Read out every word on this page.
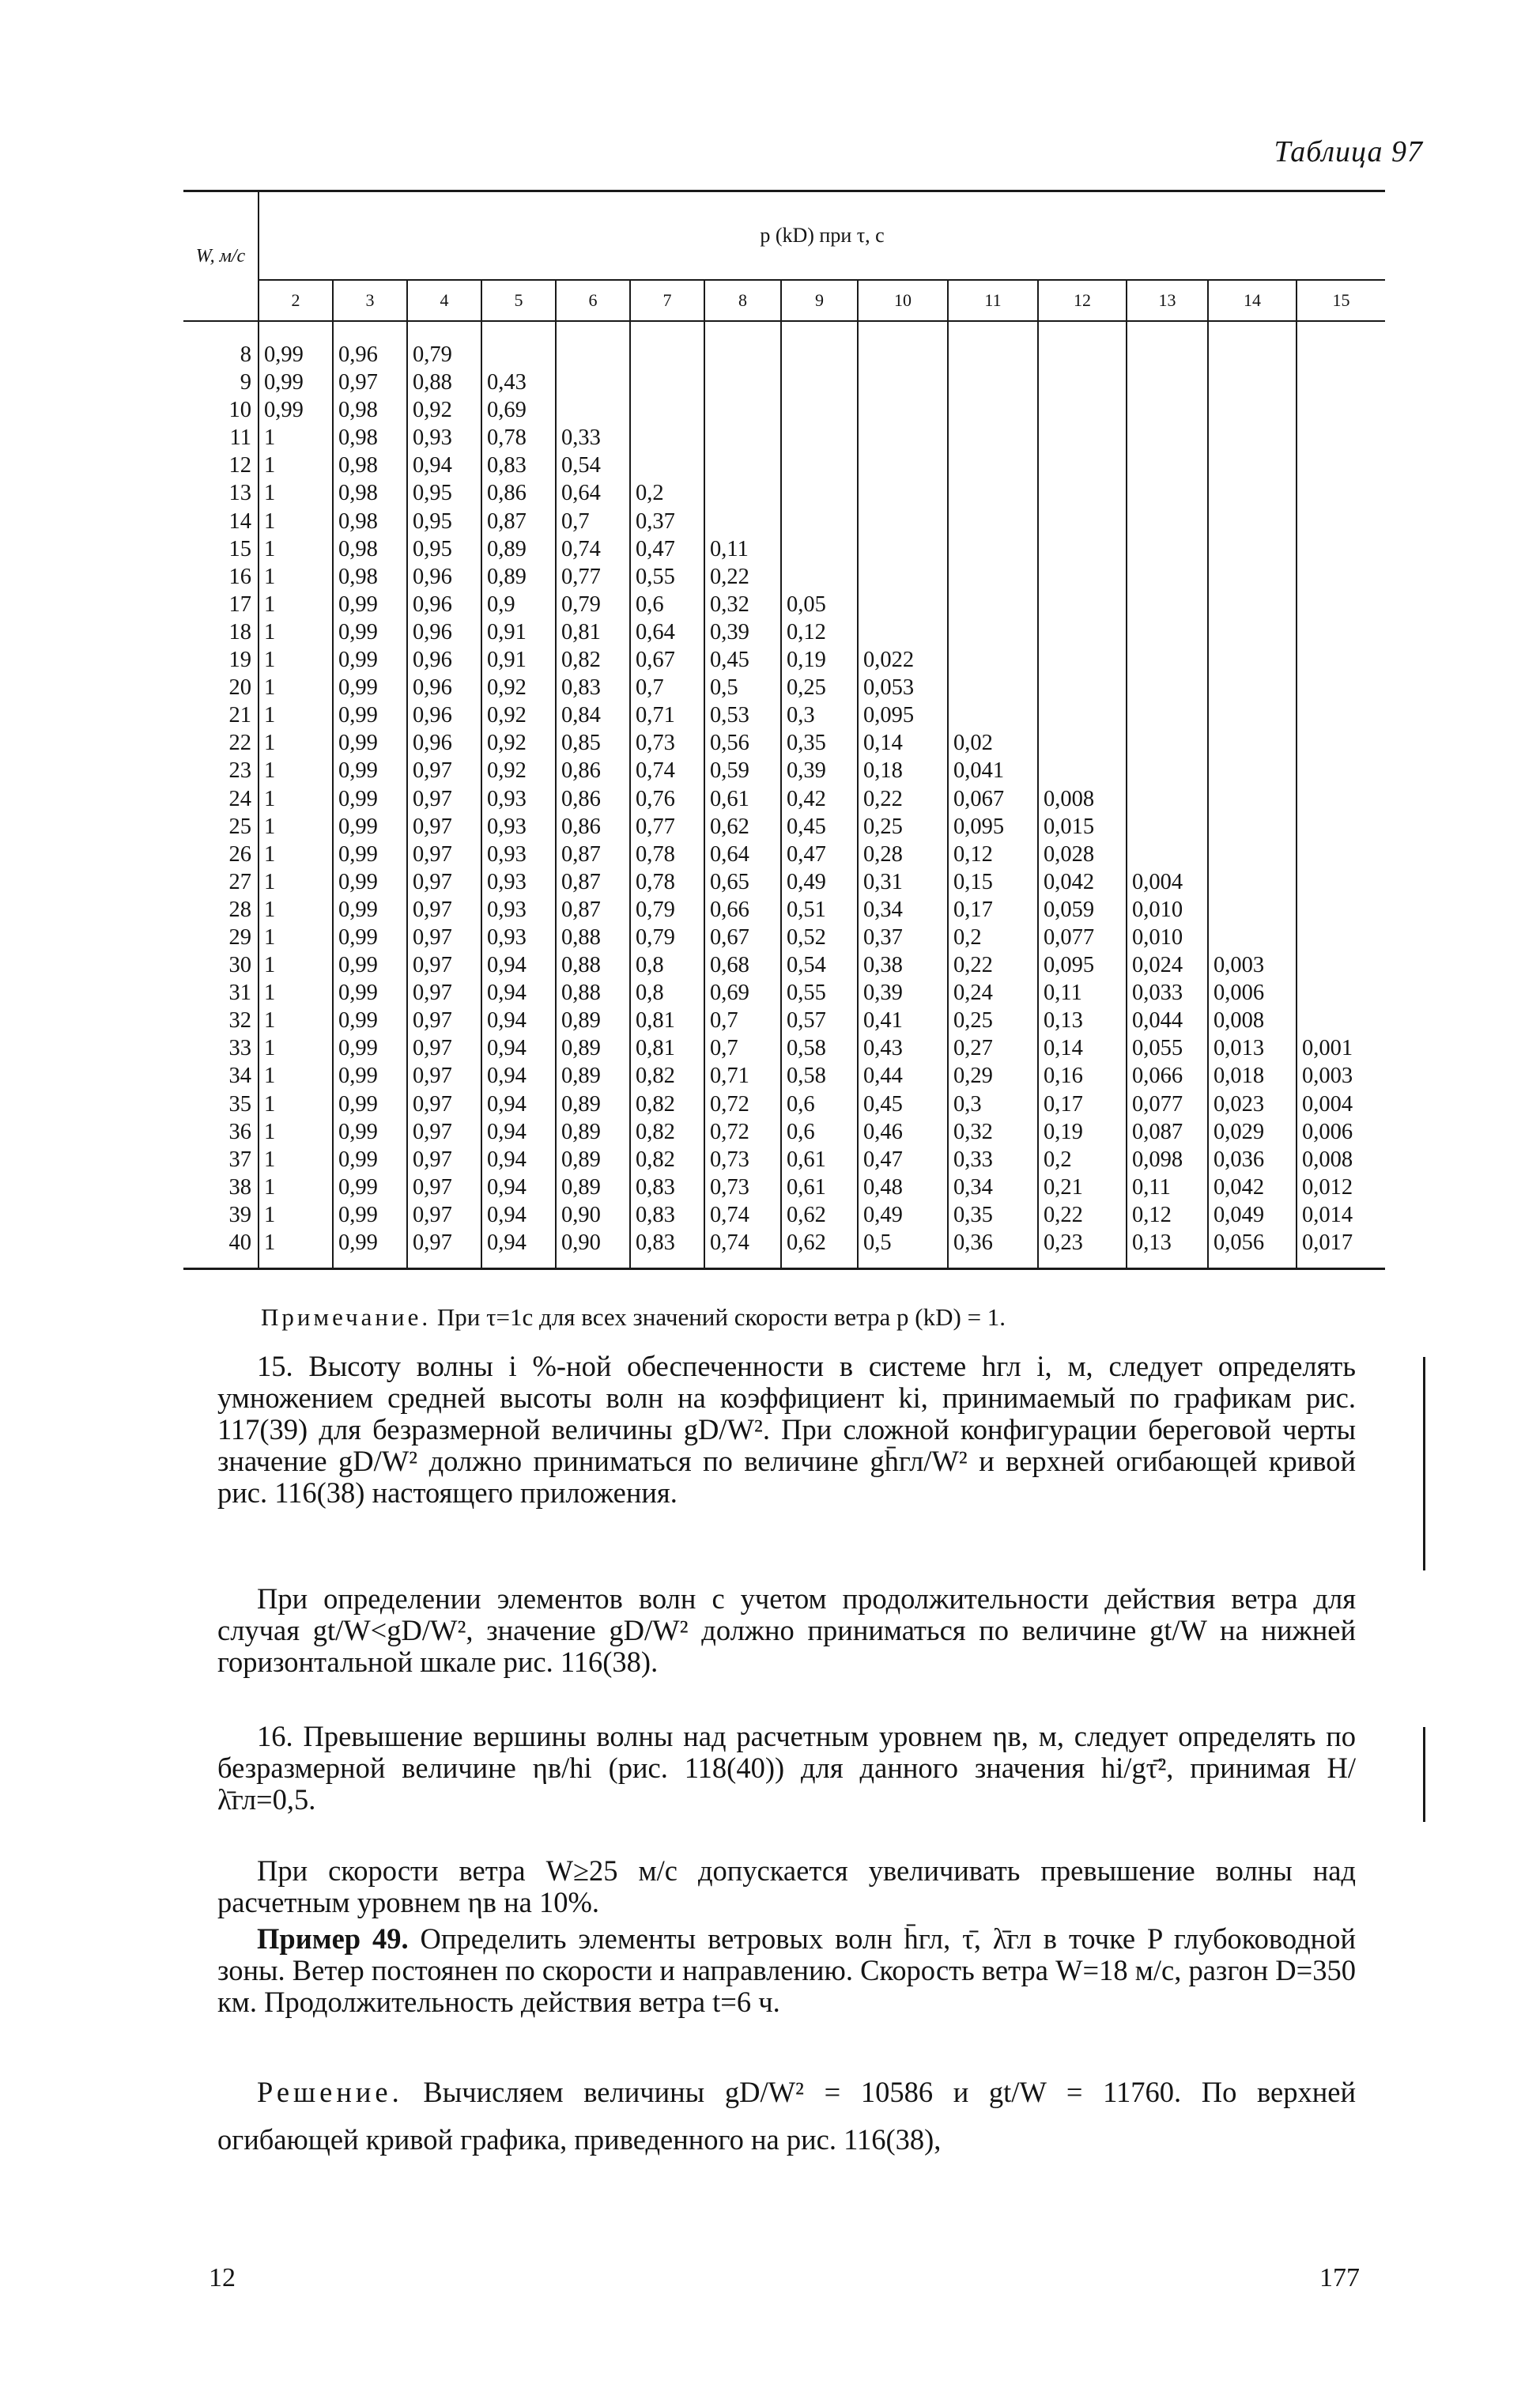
Таблица 97
W, м/с	p (kD) при τ, с													
	2	3	4	5	6	7	8	9	10	11	12	13	14	15
8	0,99	0,96	0,79											
9	0,99	0,97	0,88	0,43										
10	0,99	0,98	0,92	0,69										
11	1	0,98	0,93	0,78	0,33									
12	1	0,98	0,94	0,83	0,54									
13	1	0,98	0,95	0,86	0,64	0,2								
14	1	0,98	0,95	0,87	0,7	0,37								
15	1	0,98	0,95	0,89	0,74	0,47	0,11							
16	1	0,98	0,96	0,89	0,77	0,55	0,22							
17	1	0,99	0,96	0,9	0,79	0,6	0,32	0,05						
18	1	0,99	0,96	0,91	0,81	0,64	0,39	0,12						
19	1	0,99	0,96	0,91	0,82	0,67	0,45	0,19	0,022					
20	1	0,99	0,96	0,92	0,83	0,7	0,5	0,25	0,053					
21	1	0,99	0,96	0,92	0,84	0,71	0,53	0,3	0,095					
22	1	0,99	0,96	0,92	0,85	0,73	0,56	0,35	0,14	0,02				
23	1	0,99	0,97	0,92	0,86	0,74	0,59	0,39	0,18	0,041				
24	1	0,99	0,97	0,93	0,86	0,76	0,61	0,42	0,22	0,067	0,008			
25	1	0,99	0,97	0,93	0,86	0,77	0,62	0,45	0,25	0,095	0,015			
26	1	0,99	0,97	0,93	0,87	0,78	0,64	0,47	0,28	0,12	0,028			
27	1	0,99	0,97	0,93	0,87	0,78	0,65	0,49	0,31	0,15	0,042	0,004		
28	1	0,99	0,97	0,93	0,87	0,79	0,66	0,51	0,34	0,17	0,059	0,010		
29	1	0,99	0,97	0,93	0,88	0,79	0,67	0,52	0,37	0,2	0,077	0,010		
30	1	0,99	0,97	0,94	0,88	0,8	0,68	0,54	0,38	0,22	0,095	0,024	0,003	
31	1	0,99	0,97	0,94	0,88	0,8	0,69	0,55	0,39	0,24	0,11	0,033	0,006	
32	1	0,99	0,97	0,94	0,89	0,81	0,7	0,57	0,41	0,25	0,13	0,044	0,008	
33	1	0,99	0,97	0,94	0,89	0,81	0,7	0,58	0,43	0,27	0,14	0,055	0,013	0,001
34	1	0,99	0,97	0,94	0,89	0,82	0,71	0,58	0,44	0,29	0,16	0,066	0,018	0,003
35	1	0,99	0,97	0,94	0,89	0,82	0,72	0,6	0,45	0,3	0,17	0,077	0,023	0,004
36	1	0,99	0,97	0,94	0,89	0,82	0,72	0,6	0,46	0,32	0,19	0,087	0,029	0,006
37	1	0,99	0,97	0,94	0,89	0,82	0,73	0,61	0,47	0,33	0,2	0,098	0,036	0,008
38	1	0,99	0,97	0,94	0,89	0,83	0,73	0,61	0,48	0,34	0,21	0,11	0,042	0,012
39	1	0,99	0,97	0,94	0,90	0,83	0,74	0,62	0,49	0,35	0,22	0,12	0,049	0,014
40	1	0,99	0,97	0,94	0,90	0,83	0,74	0,62	0,5	0,36	0,23	0,13	0,056	0,017
Примечание. При τ=1с для всех значений скорости ветра p (kD) = 1.

15. Высоту волны i %-ной обеспеченности в системе hгл i, м, следует определять умножением средней высоты волн на коэффициент ki, принимаемый по графикам рис. 117(39) для безразмерной величины gD/W². При сложной конфигурации береговой черты значение gD/W² должно приниматься по величине gh̄гл/W² и верхней огибающей кривой рис. 116(38) настоящего приложения.

При определении элементов волн с учетом продолжительности действия ветра для случая gt/W<gD/W², значение gD/W² должно приниматься по величине gt/W на нижней горизонтальной шкале рис. 116(38).

16. Превышение вершины волны над расчетным уровнем ηв, м, следует определять по безразмерной величине ηв/hi (рис. 118(40)) для данного значения hi/gτ̄², принимая H/λ̄гл=0,5.

При скорости ветра W≥25 м/с допускается увеличивать превышение волны над расчетным уровнем ηв на 10%.

Пример 49. Определить элементы ветровых волн h̄гл, τ̄, λ̄гл в точке P глубоководной зоны. Ветер постоянен по скорости и направлению. Скорость ветра W=18 м/с, разгон D=350 км. Продолжительность действия ветра t=6 ч.

Решение. Вычисляем величины gD/W² = 10586 и gt/W = 11760. По верхней огибающей кривой графика, приведенного на рис. 116(38),

12	177
